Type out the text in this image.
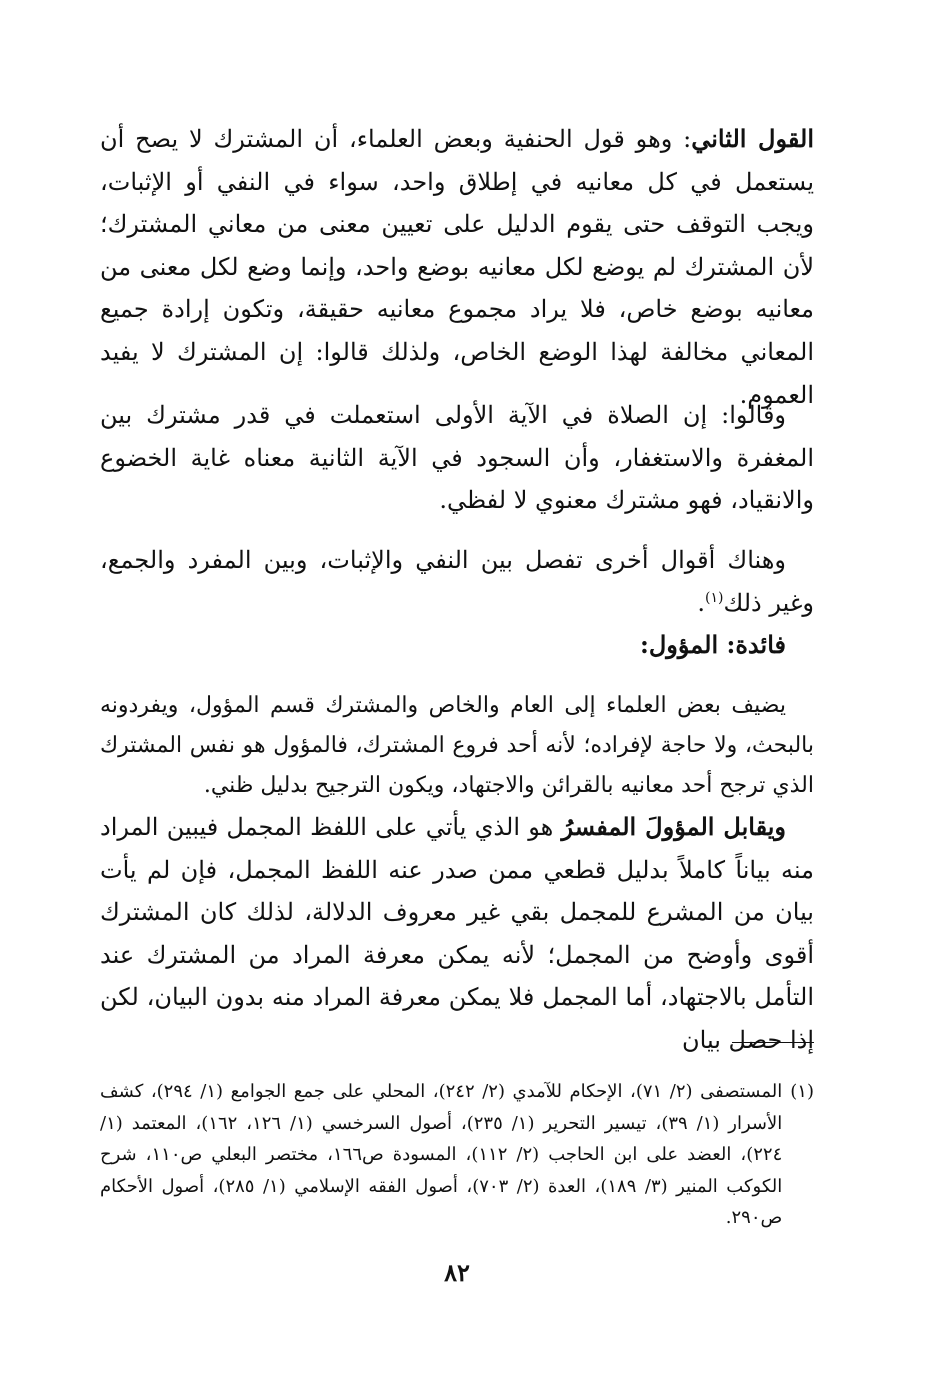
القول الثاني: وهو قول الحنفية وبعض العلماء، أن المشترك لا يصح أن يستعمل في كل معانيه في إطلاق واحد، سواء في النفي أو الإثبات، ويجب التوقف حتى يقوم الدليل على تعيين معنى من معاني المشترك؛ لأن المشترك لم يوضع لكل معانيه بوضع واحد، وإنما وضع لكل معنى من معانيه بوضع خاص، فلا يراد مجموع معانيه حقيقة، وتكون إرادة جميع المعاني مخالفة لهذا الوضع الخاص، ولذلك قالوا: إن المشترك لا يفيد العموم.

وقالوا: إن الصلاة في الآية الأولى استعملت في قدر مشترك بين المغفرة والاستغفار، وأن السجود في الآية الثانية معناه غاية الخضوع والانقياد، فهو مشترك معنوي لا لفظي.

وهناك أقوال أخرى تفصل بين النفي والإثبات، وبين المفرد والجمع، وغير ذلك$^{(١)}$.

فائدة: المؤول:

يضيف بعض العلماء إلى العام والخاص والمشترك قسم المؤول، ويفردونه بالبحث، ولا حاجة لإفراده؛ لأنه أحد فروع المشترك، فالمؤول هو نفس المشترك الذي ترجح أحد معانيه بالقرائن والاجتهاد، ويكون الترجيح بدليل ظني.

ويقابل المؤولَ المفسرُ هو الذي يأتي على اللفظ المجمل فيبين المراد منه بياناً كاملاً بدليل قطعي ممن صدر عنه اللفظ المجمل، فإن لم يأت بيان من المشرع للمجمل بقي غير معروف الدلالة، لذلك كان المشترك أقوى وأوضح من المجمل؛ لأنه يمكن معرفة المراد من المشترك عند التأمل بالاجتهاد، أما المجمل فلا يمكن معرفة المراد منه بدون البيان، لكن إذا حصل بيان

(١)
المستصفى (٢/ ٧١)، الإحكام للآمدي (٢/ ٢٤٢)، المحلي على جمع الجوامع (١/ ٢٩٤)، كشف الأسرار (١/ ٣٩)، تيسير التحرير (١/ ٢٣٥)، أصول السرخسي (١/ ١٢٦، ١٦٢)، المعتمد (١/ ٢٢٤)، العضد على ابن الحاجب (٢/ ١١٢)، المسودة ص١٦٦، مختصر البعلي ص١١٠، شرح الكوكب المنير (٣/ ١٨٩)، العدة (٢/ ٧٠٣)، أصول الفقه الإسلامي (١/ ٢٨٥)، أصول الأحكام ص٢٩٠.
٨٢
